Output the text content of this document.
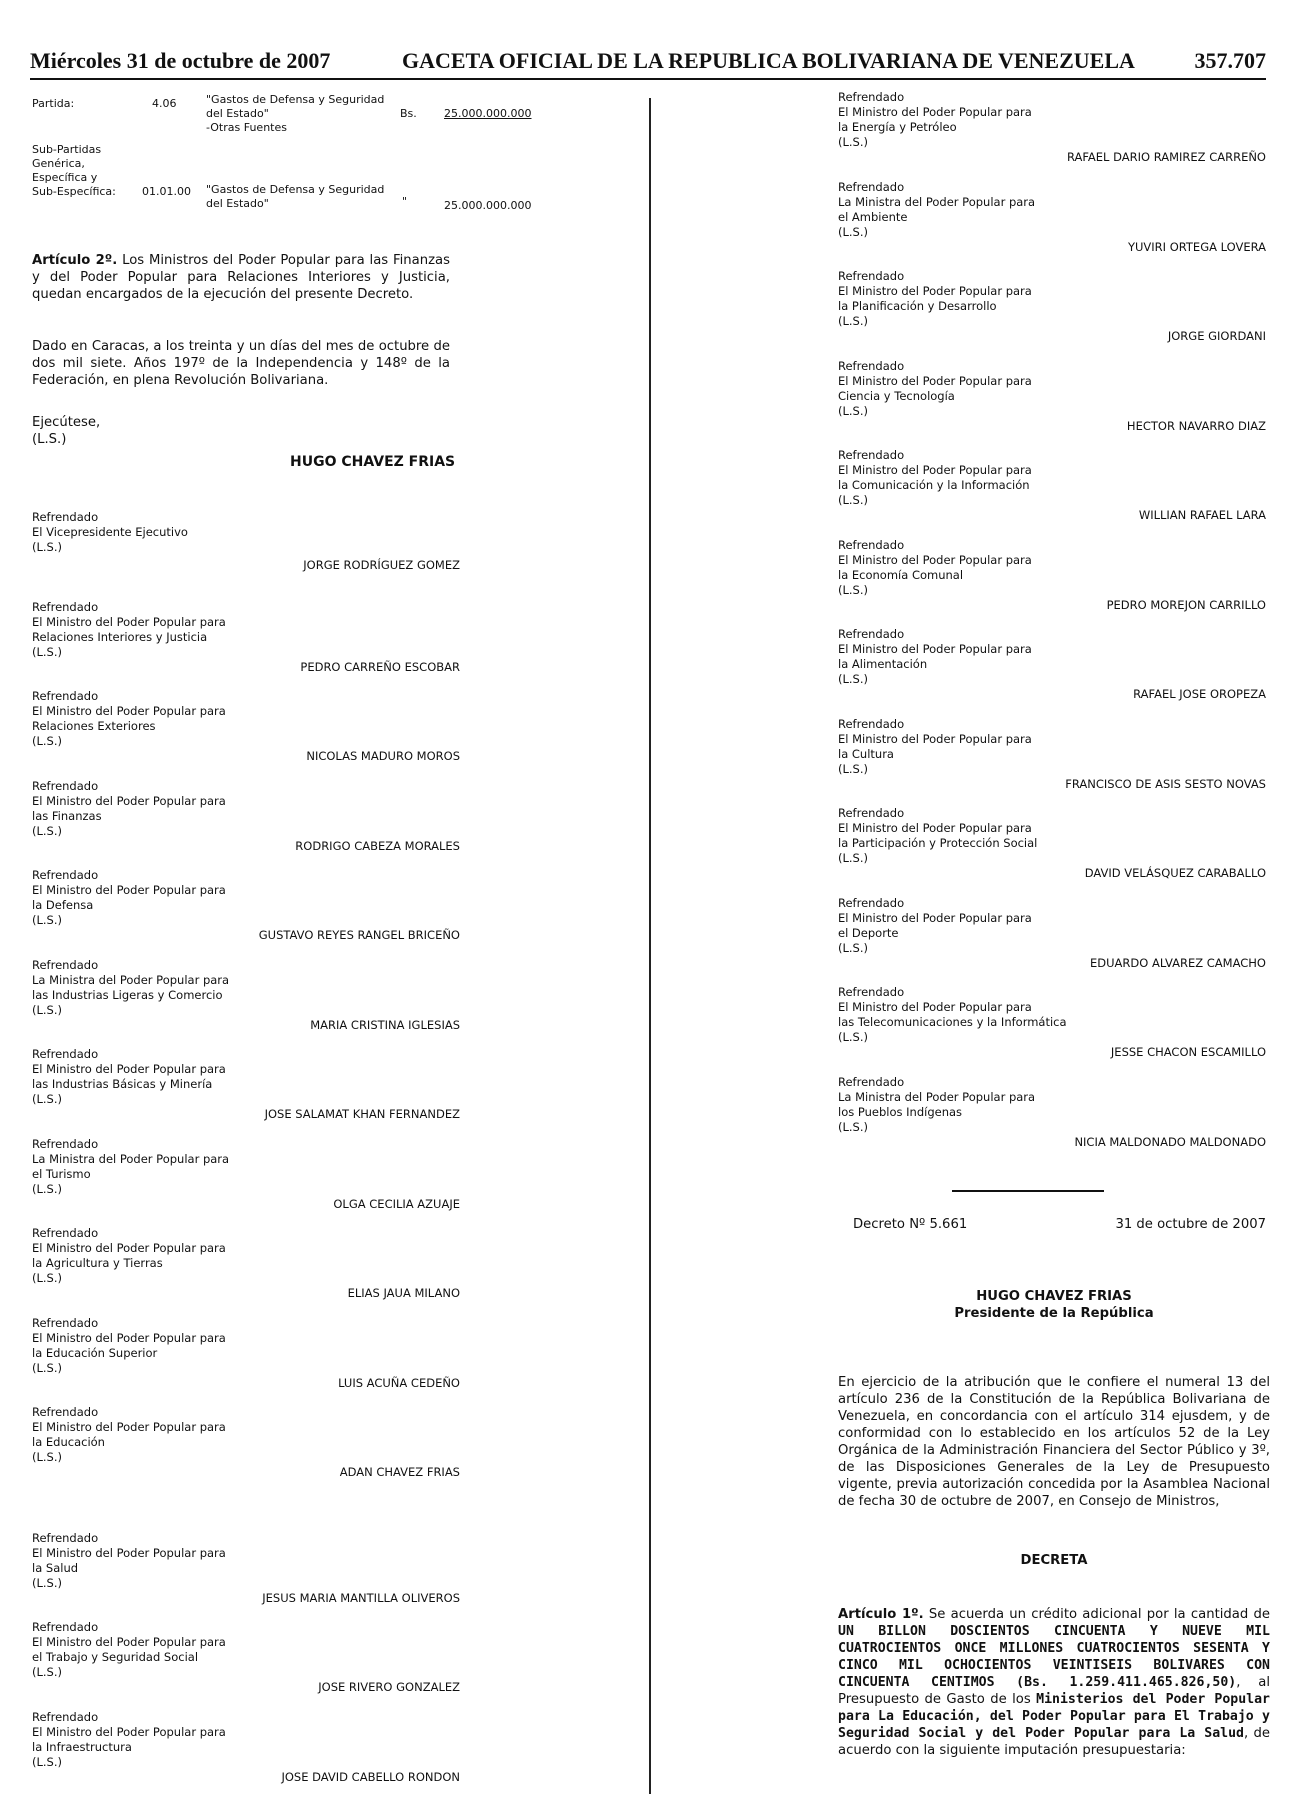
Miércoles 31 de octubre de 2007	GACETA OFICIAL DE LA REPUBLICA BOLIVARIANA DE VENEZUELA	357.707
Partida:	4.06	"Gastos de Defensa y Seguridad
del Estado"
-Otras Fuentes
Bs. 25.000.000.000
Sub-Partidas
Genérica,
Específica y
Sub-Específica: 01.01.00 "Gastos de Defensa y Seguridad
del Estado"	"	25.000.000.000
Artículo 2º. Los Ministros del Poder Popular para las Finanzas y del Poder Popular para Relaciones Interiores y Justicia, quedan encargados de la ejecución del presente Decreto.
Dado en Caracas, a los treinta y un días del mes de octubre de dos mil siete. Años 197º de la Independencia y 148º de la Federación, en plena Revolución Bolivariana.
Ejecútese,
(L.S.)
HUGO CHAVEZ FRIAS
Refrendado
El Vicepresidente Ejecutivo
(L.S.)
JORGE RODRÍGUEZ GOMEZ
Refrendado
El Ministro del Poder Popular para
Relaciones Interiores y Justicia
(L.S.)
PEDRO CARREÑO ESCOBAR
Refrendado
El Ministro del Poder Popular para
Relaciones Exteriores
(L.S.)
NICOLAS MADURO MOROS
Refrendado
El Ministro del Poder Popular para
las Finanzas
(L.S.)
RODRIGO CABEZA MORALES
Refrendado
El Ministro del Poder Popular para
la Defensa
(L.S.)
GUSTAVO REYES RANGEL BRICEÑO
Refrendado
La Ministra del Poder Popular para
las Industrias Ligeras y Comercio
(L.S.)
MARIA CRISTINA IGLESIAS
Refrendado
El Ministro del Poder Popular para
las Industrias Básicas y Minería
(L.S.)
JOSE SALAMAT KHAN FERNANDEZ
Refrendado
La Ministra del Poder Popular para
el Turismo
(L.S.)
OLGA CECILIA AZUAJE
Refrendado
El Ministro del Poder Popular para
la Agricultura y Tierras
(L.S.)
ELIAS JAUA MILANO
Refrendado
El Ministro del Poder Popular para
la Educación Superior
(L.S.)
LUIS ACUÑA CEDEÑO
Refrendado
El Ministro del Poder Popular para
la Educación
(L.S.)
ADAN CHAVEZ FRIAS
Refrendado
El Ministro del Poder Popular para
la Salud
(L.S.)
JESUS MARIA MANTILLA OLIVEROS
Refrendado
El Ministro del Poder Popular para
el Trabajo y Seguridad Social
(L.S.)
JOSE RIVERO GONZALEZ
Refrendado
El Ministro del Poder Popular para
la Infraestructura
(L.S.)
JOSE DAVID CABELLO RONDON
Refrendado
El Ministro del Poder Popular para
la Energía y Petróleo
(L.S.)
RAFAEL DARIO RAMIREZ CARREÑO
Refrendado
La Ministra del Poder Popular para
el Ambiente
(L.S.)
YUVIRI ORTEGA LOVERA
Refrendado
El Ministro del Poder Popular para
la Planificación y Desarrollo
(L.S.)
JORGE GIORDANI
Refrendado
El Ministro del Poder Popular para
Ciencia y Tecnología
(L.S.)
HECTOR NAVARRO DIAZ
Refrendado
El Ministro del Poder Popular para
la Comunicación y la Información
(L.S.)
WILLIAN RAFAEL LARA
Refrendado
El Ministro del Poder Popular para
la Economía Comunal
(L.S.)
PEDRO MOREJON CARRILLO
Refrendado
El Ministro del Poder Popular para
la Alimentación
(L.S.)
RAFAEL JOSE OROPEZA
Refrendado
El Ministro del Poder Popular para
la Cultura
(L.S.)
FRANCISCO DE ASIS SESTO NOVAS
Refrendado
El Ministro del Poder Popular para
la Participación y Protección Social
(L.S.)
DAVID VELÁSQUEZ CARABALLO
Refrendado
El Ministro del Poder Popular para
el Deporte
(L.S.)
EDUARDO ALVAREZ CAMACHO
Refrendado
El Ministro del Poder Popular para
las Telecomunicaciones y la Informática
(L.S.)
JESSE CHACON ESCAMILLO
Refrendado
La Ministra del Poder Popular para
los Pueblos Indígenas
(L.S.)
NICIA MALDONADO MALDONADO
Decreto Nº 5.661	31 de octubre de 2007
HUGO CHAVEZ FRIAS
Presidente de la República
En ejercicio de la atribución que le confiere el numeral 13 del artículo 236 de la Constitución de la República Bolivariana de Venezuela, en concordancia con el artículo 314 ejusdem, y de conformidad con lo establecido en los artículos 52 de la Ley Orgánica de la Administración Financiera del Sector Público y 3º, de las Disposiciones Generales de la Ley de Presupuesto vigente, previa autorización concedida por la Asamblea Nacional de fecha 30 de octubre de 2007, en Consejo de Ministros,
DECRETA
Artículo 1º. Se acuerda un crédito adicional por la cantidad de UN BILLON DOSCIENTOS CINCUENTA Y NUEVE MIL CUATROCIENTOS ONCE MILLONES CUATROCIENTOS SESENTA Y CINCO MIL OCHOCIENTOS VEINTISEIS BOLIVARES CON CINCUENTA CENTIMOS (Bs. 1.259.411.465.826,50), al Presupuesto de Gasto de los Ministerios del Poder Popular para La Educación, del Poder Popular para El Trabajo y Seguridad Social y del Poder Popular para La Salud, de acuerdo con la siguiente imputación presupuestaria:
